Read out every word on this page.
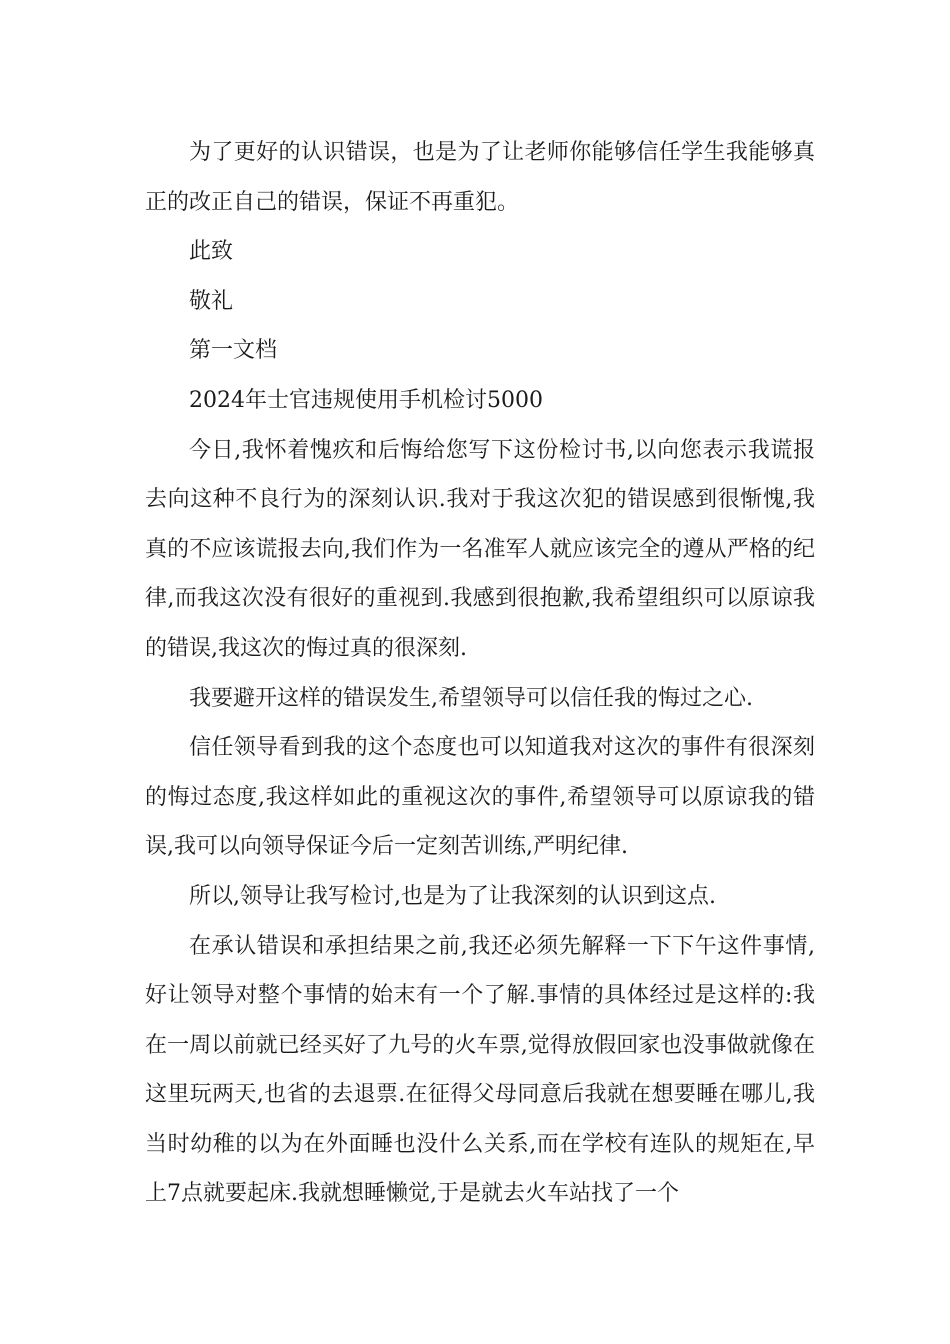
为了更好的认识错误，也是为了让老师你能够信任学生我能够真正的改正自己的错误，保证不再重犯。

此致

敬礼

第一文档

2024年士官违规使用手机检讨5000

今日,我怀着愧疚和后悔给您写下这份检讨书,以向您表示我谎报去向这种不良行为的深刻认识.我对于我这次犯的错误感到很惭愧,我真的不应该谎报去向,我们作为一名准军人就应该完全的遵从严格的纪律,而我这次没有很好的重视到.我感到很抱歉,我希望组织可以原谅我的错误,我这次的悔过真的很深刻.

我要避开这样的错误发生,希望领导可以信任我的悔过之心.

信任领导看到我的这个态度也可以知道我对这次的事件有很深刻的悔过态度,我这样如此的重视这次的事件,希望领导可以原谅我的错误,我可以向领导保证今后一定刻苦训练,严明纪律.

所以,领导让我写检讨,也是为了让我深刻的认识到这点.

在承认错误和承担结果之前,我还必须先解释一下下午这件事情,好让领导对整个事情的始末有一个了解.事情的具体经过是这样的:我在一周以前就已经买好了九号的火车票,觉得放假回家也没事做就像在这里玩两天,也省的去退票.在征得父母同意后我就在想要睡在哪儿,我当时幼稚的以为在外面睡也没什么关系,而在学校有连队的规矩在,早上7点就要起床.我就想睡懒觉,于是就去火车站找了一个
